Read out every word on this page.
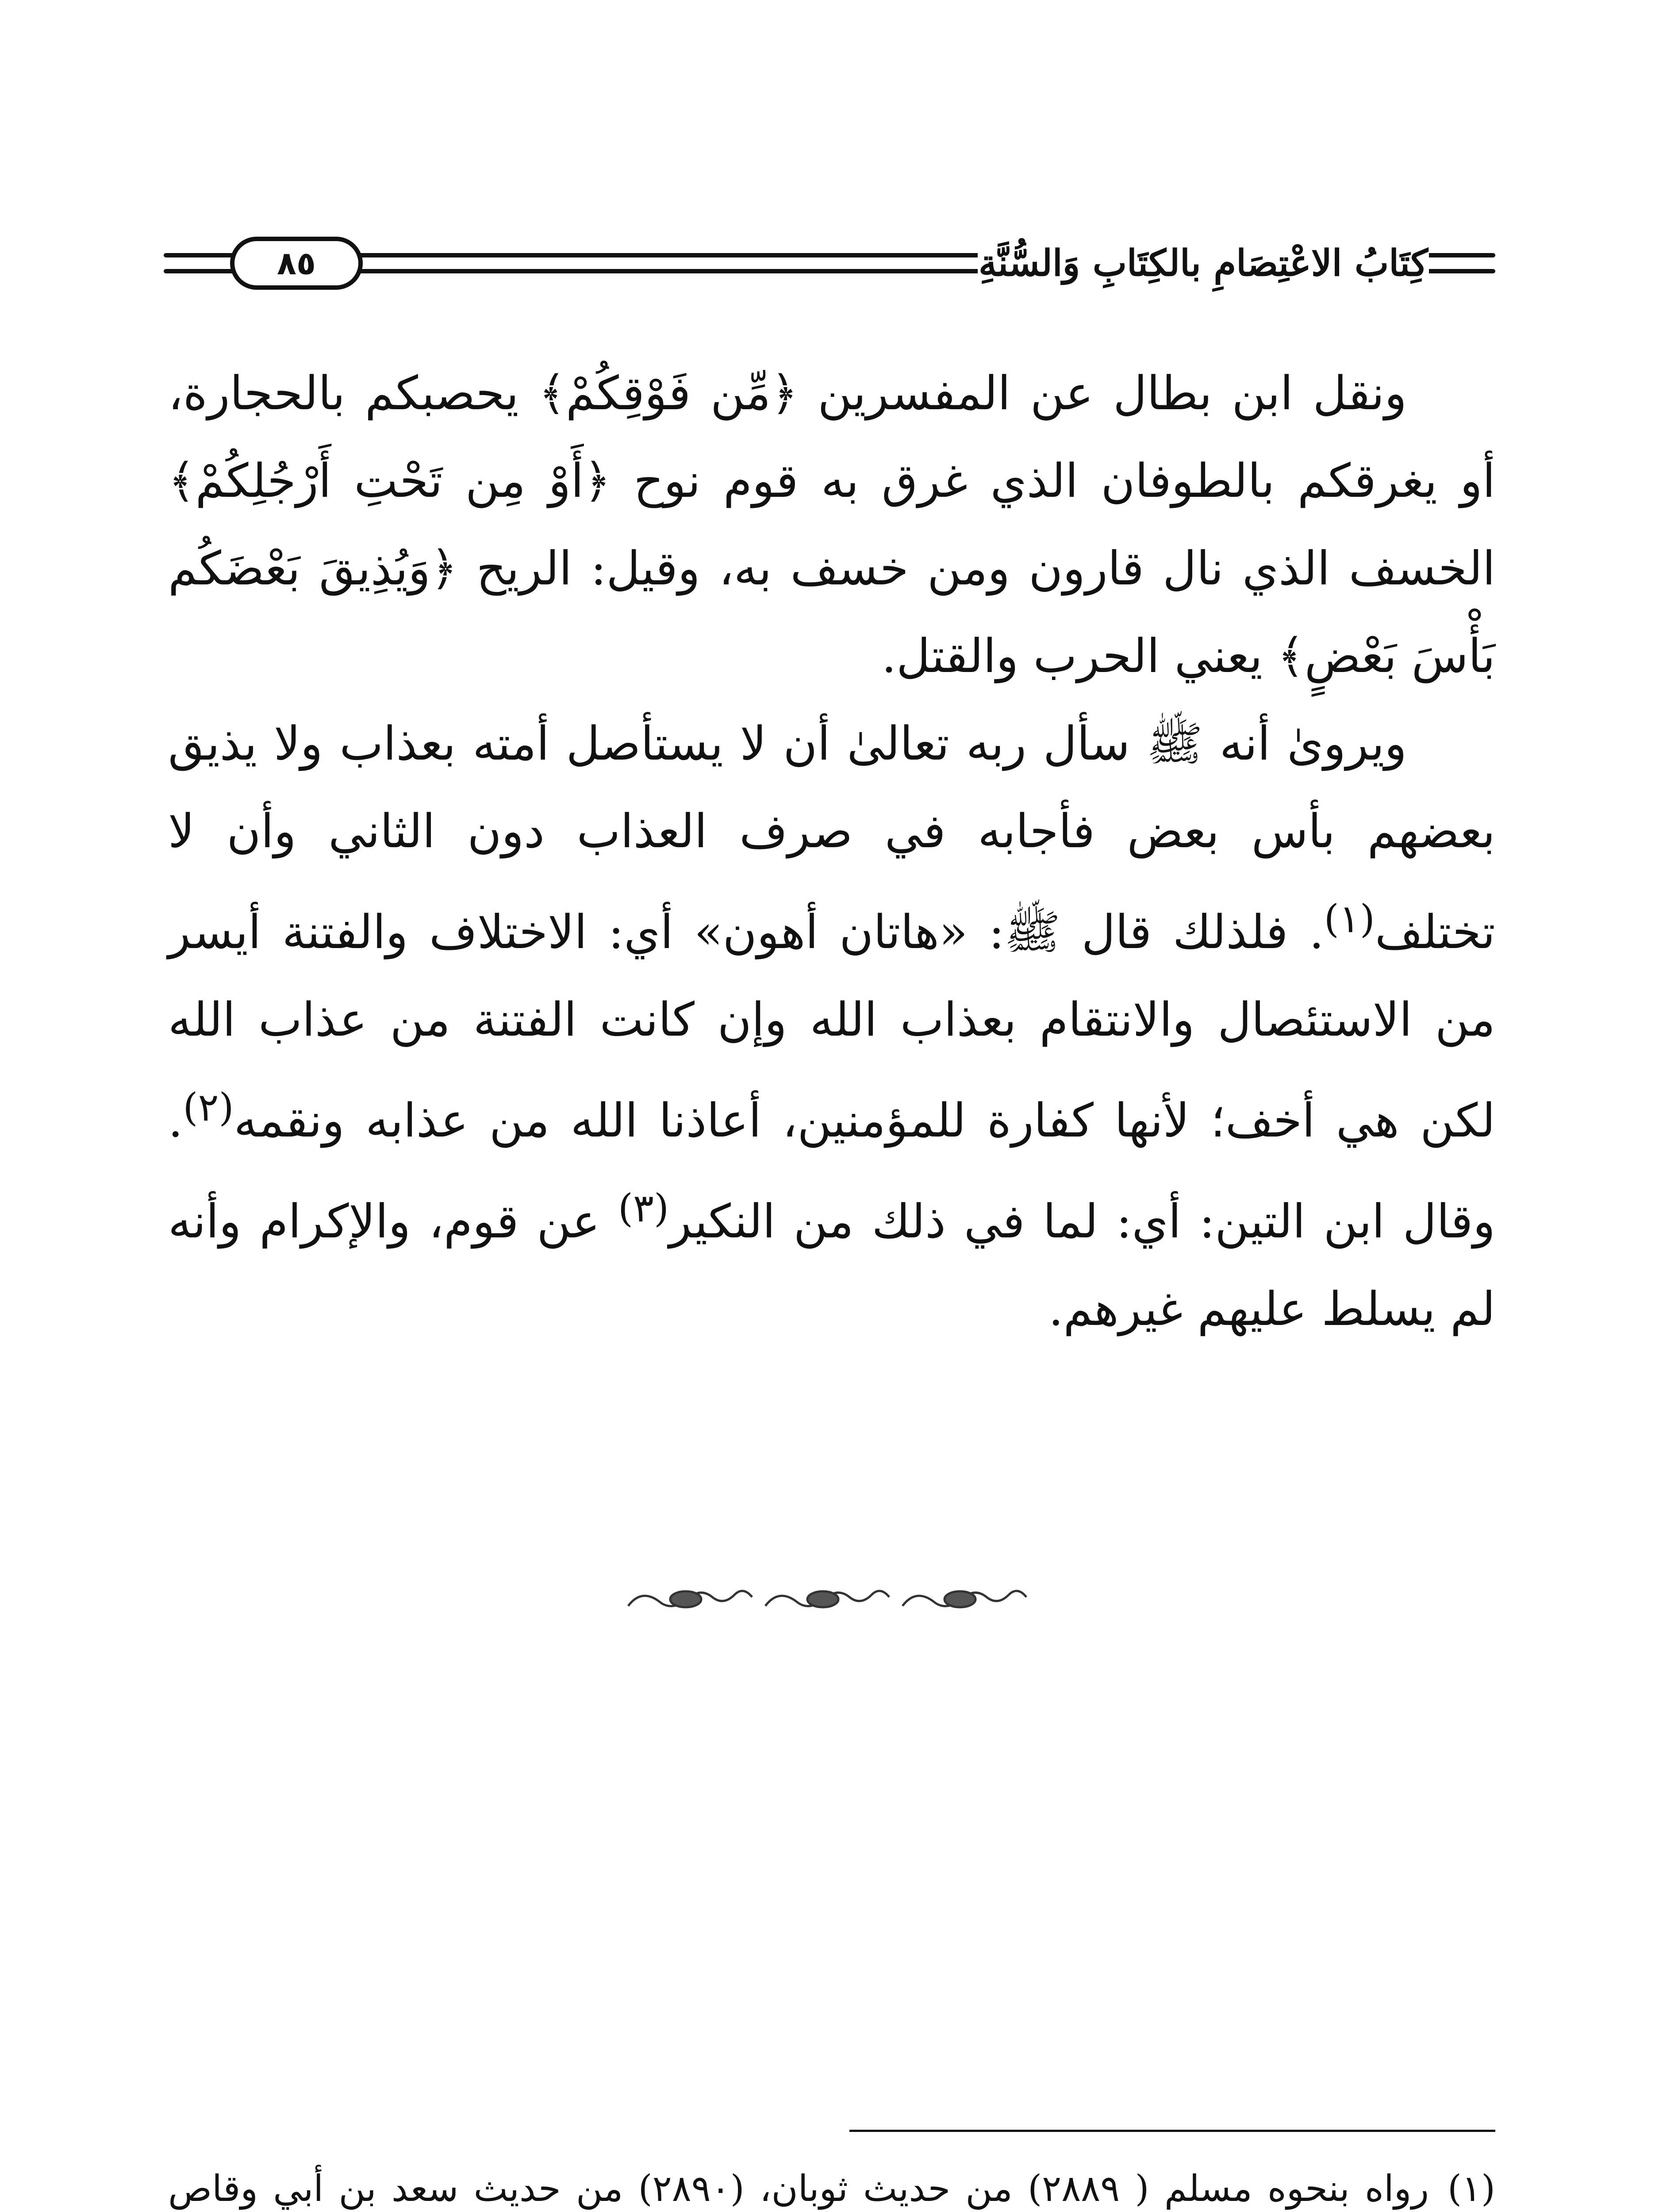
٨٥	كِتَابُ الاعْتِصَامِ بالكِتَابِ وَالسُّنَّةِ

ونقل ابن بطال عن المفسرين ﴿مِّن فَوْقِكُمْ﴾ يحصبكم بالحجارة، أو يغرقكم بالطوفان الذي غرق به قوم نوح ﴿أَوْ مِن تَحْتِ أَرْجُلِكُمْ﴾ الخسف الذي نال قارون ومن خسف به، وقيل: الريح ﴿وَيُذِيقَ بَعْضَكُم بَأْسَ بَعْضٍ﴾ يعني الحرب والقتل.

ويروىٰ أنه ﷺ سأل ربه تعالىٰ أن لا يستأصل أمته بعذاب ولا يذيق بعضهم بأس بعض فأجابه في صرف العذاب دون الثاني وأن لا تختلف$^{(١)}$. فلذلك قال ﷺ: «هاتان أهون» أي: الاختلاف والفتنة أيسر من الاستئصال والانتقام بعذاب الله وإن كانت الفتنة من عذاب الله لكن هي أخف؛ لأنها كفارة للمؤمنين، أعاذنا الله من عذابه ونقمه$^{(٢)}$. وقال ابن التين: أي: لما في ذلك من النكير$^{(٣)}$ عن قوم، والإكرام وأنه لم يسلط عليهم غيرهم.

(١)
رواه بنحوه مسلم ( ٢٨٨٩) من حديث ثوبان، (٢٨٩٠) من حديث سعد بن أبي وقاص
